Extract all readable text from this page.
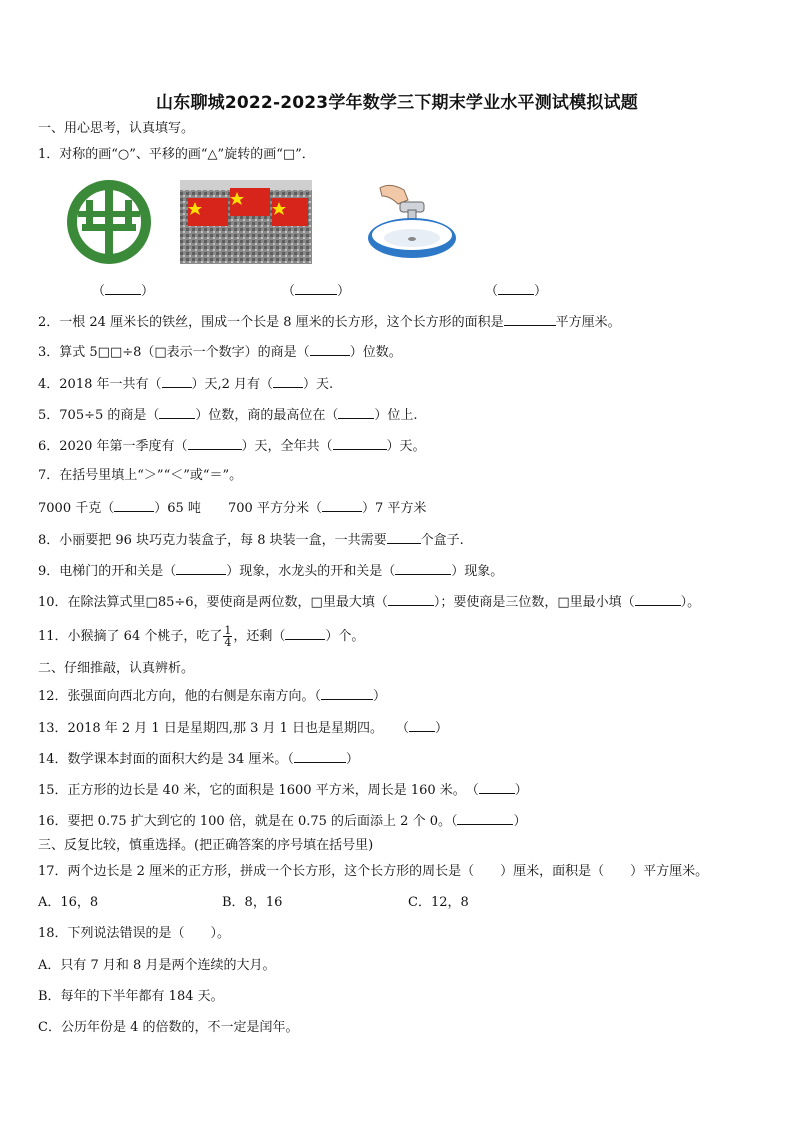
山东聊城2022-2023学年数学三下期末学业水平测试模拟试题
一、用心思考，认真填写。
1．对称的画“○”、平移的画“△”旋转的画“□”．
（	）	（	）	（	）
2．一根 24 厘米长的铁丝，围成一个长是 8 厘米的长方形，这个长方形的面积是	平方厘米。
3．算式 5□□÷8（□表示一个数字）的商是（	）位数。
4．2018 年一共有（ ）天,2 月有（ ）天.
5．705÷5 的商是（	）位数，商的最高位在（	）位上.
6．2020 年第一季度有（	）天，全年共（	）天。
7．在括号里填上“＞”“＜”或“＝”。
7000 千克（	）65 吨 700 平方分米（	）7 平方米
8．小丽要把 96 块巧克力装盒子，每 8 块装一盒，一共需要	个盒子.
9．电梯门的开和关是（	）现象，水龙头的开和关是（	）现象。
10．在除法算式里□85÷6，要使商是两位数，□里最大填（	）；要使商是三位数，□里最小填（	）。
11．小猴摘了 64 个桃子，吃了 $\frac{1}{4}$ ，还剩（	）个。
二、仔细推敲，认真辨析。
12．张强面向西北方向，他的右侧是东南方向。（	）
13．2018 年 2 月 1 日是星期四,那 3 月 1 日也是星期四。　　（ ）
14．数学课本封面的面积大约是 34 厘米。（	）
15．正方形的边长是 40 米，它的面积是 1600 平方米，周长是 160 米。　（	）
16．要把 0.75 扩大到它的 100 倍，就是在 0.75 的后面添上 2 个 0。（	）
三、反复比较，慎重选择。(把正确答案的序号填在括号里)
17．两个边长是 2 厘米的正方形，拼成一个长方形，这个长方形的周长是（　　）厘米，面积是（　　）平方厘米。
A．16，8	B．8，16	C．12，8
18．下列说法错误的是（　　）。
A．只有 7 月和 8 月是两个连续的大月。
B．每年的下半年都有 184 天。
C．公历年份是 4 的倍数的，不一定是闰年。
